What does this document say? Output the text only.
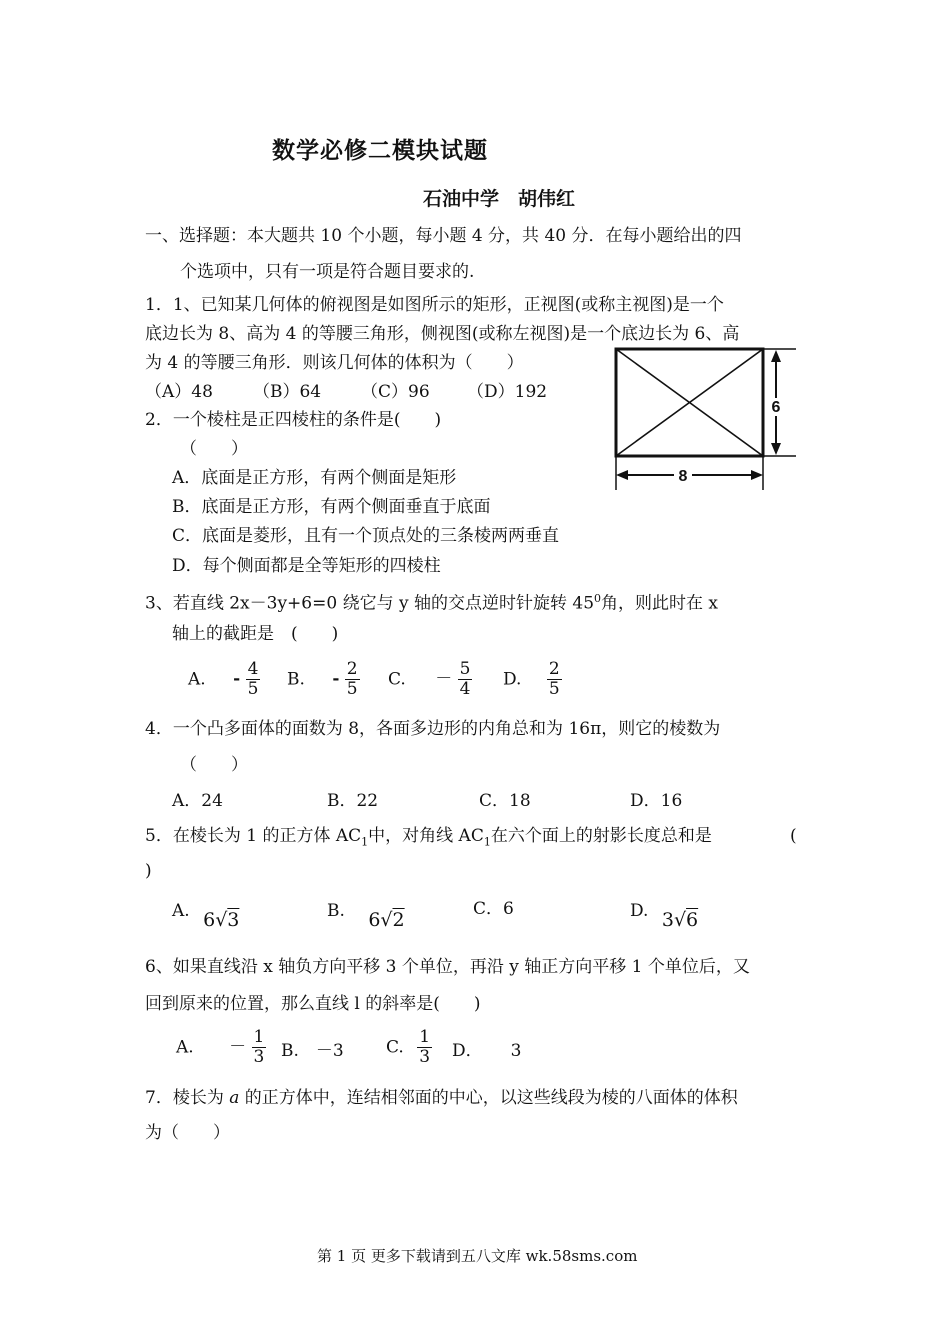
数学必修二模块试题
石油中学　胡伟红
一、选择题：本大题共 10 个小题，每小题 4 分，共 40 分．在每小题给出的四
个选项中，只有一项是符合题目要求的.
1．1、已知某几何体的俯视图是如图所示的矩形，正视图(或称主视图)是一个
底边长为 8、高为 4 的等腰三角形，侧视图(或称左视图)是一个底边长为 6、高
为 4 的等腰三角形．则该几何体的体积为（　　）
（A）48 （B）64 （C）96 （D）192
6
8
2．一个棱柱是正四棱柱的条件是(　　)
（　　）
A．底面是正方形，有两个侧面是矩形
B．底面是正方形，有两个侧面垂直于底面
C．底面是菱形，且有一个顶点处的三条棱两两垂直
D．每个侧面都是全等矩形的四棱柱
3、若直线 2x－3y+6=0 绕它与 y 轴的交点逆时针旋转 $45^0$角，则此时在 x
轴上的截距是　(　　)
A. - $\frac{4}{5} B$. - $\frac{2}{5} C$. － $\frac{5}{4} D$. $\frac{2}{5}$
4．一个凸多面体的面数为 8，各面多边形的内角总和为 16π，则它的棱数为
（　　）
A．24	B．22	C．18	D．16
5．在棱长为 1 的正方体 $AC_1$中，对角线 $AC_1$在六个面上的射影长度总和是	(
)
A. 6√3	B. 6√2	C．6	D. 3√6
6、如果直线沿 x 轴负方向平移 3 个单位，再沿 y 轴正方向平移 1 个单位后，又
回到原来的位置，那么直线 l 的斜率是(　　)
A. － $\frac{1}{3} B$.　－3 C. $\frac{1}{3}$ D． 3
7．棱长为 a 的正方体中，连结相邻面的中心，以这些线段为棱的八面体的体积
为（　　）
第 1 页 更多下载请到五八文库 wk.58sms.com
